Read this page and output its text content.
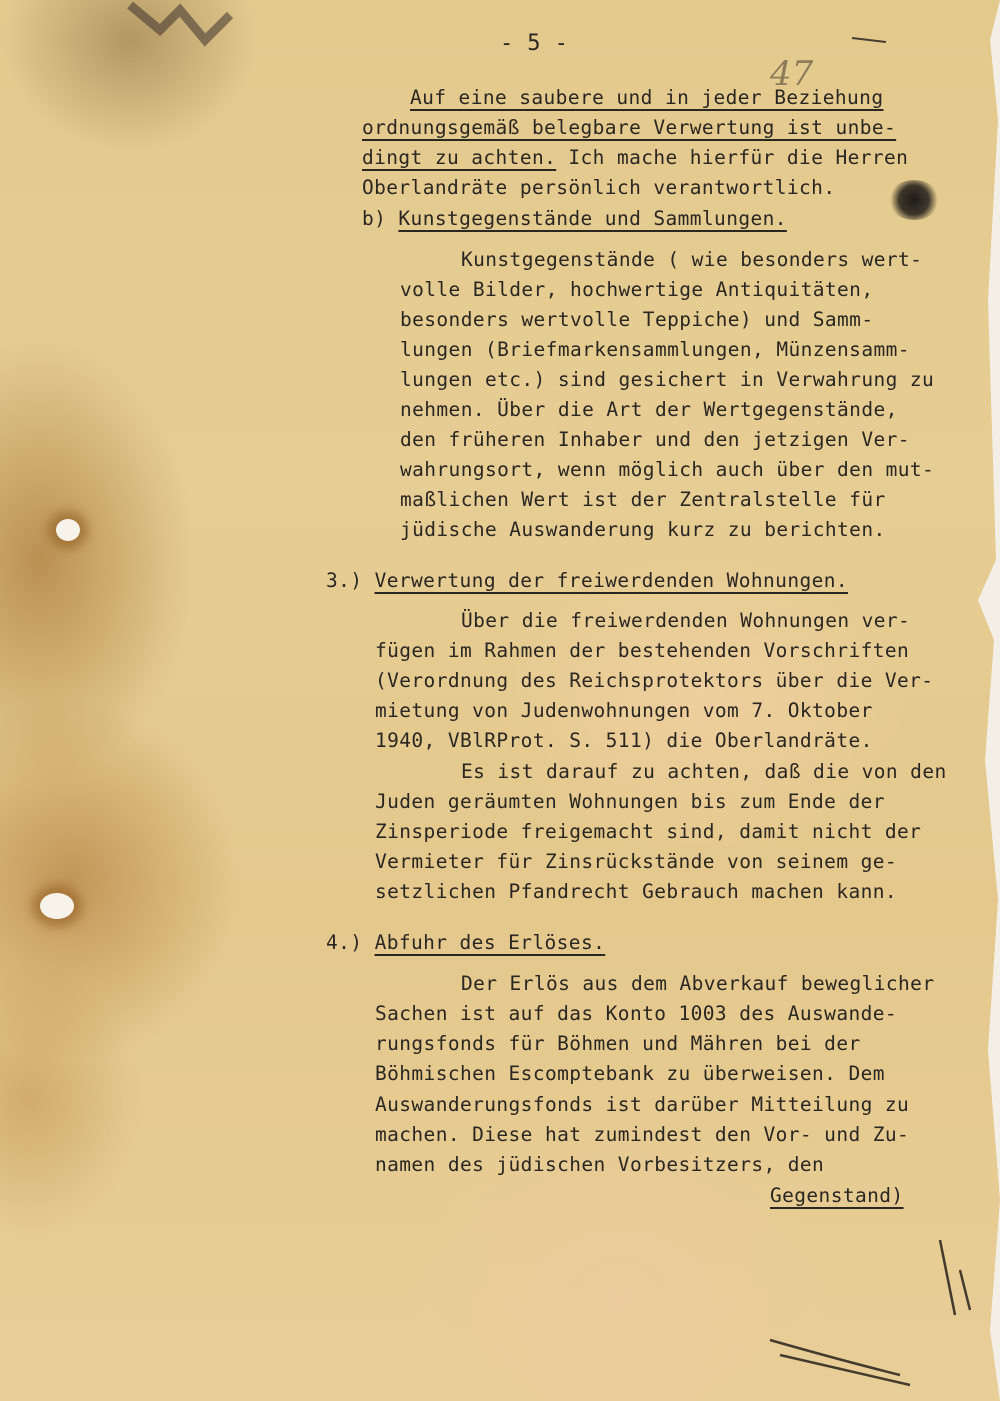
47
- 5 -
Auf eine saubere und in jeder Beziehung
ordnungsgemäß belegbare Verwertung ist unbe-
dingt zu achten. Ich mache hierfür die Herren
Oberlandräte persönlich verantwortlich.
b) Kunstgegenstände und Sammlungen.
Kunstgegenstände ( wie besonders wert-
volle Bilder, hochwertige Antiquitäten,
besonders wertvolle Teppiche) und Samm-
lungen (Briefmarkensammlungen, Münzensamm-
lungen etc.) sind gesichert in Verwahrung zu
nehmen. Über die Art der Wertgegenstände,
den früheren Inhaber und den jetzigen Ver-
wahrungsort, wenn möglich auch über den mut-
maßlichen Wert ist der Zentralstelle für
jüdische Auswanderung kurz zu berichten.
3.) Verwertung der freiwerdenden Wohnungen.
Über die freiwerdenden Wohnungen ver-
fügen im Rahmen der bestehenden Vorschriften
(Verordnung des Reichsprotektors über die Ver-
mietung von Judenwohnungen vom 7. Oktober
1940, VBlRProt. S. 511) die Oberlandräte.
Es ist darauf zu achten, daß die von den
Juden geräumten Wohnungen bis zum Ende der
Zinsperiode freigemacht sind, damit nicht der
Vermieter für Zinsrückstände von seinem ge-
setzlichen Pfandrecht Gebrauch machen kann.
4.) Abfuhr des Erlöses.
Der Erlös aus dem Abverkauf beweglicher
Sachen ist auf das Konto 1003 des Auswande-
rungsfonds für Böhmen und Mähren bei der
Böhmischen Escomptebank zu überweisen. Dem
Auswanderungsfonds ist darüber Mitteilung zu
machen. Diese hat zumindest den Vor- und Zu-
namen des jüdischen Vorbesitzers, den
Gegenstand)
